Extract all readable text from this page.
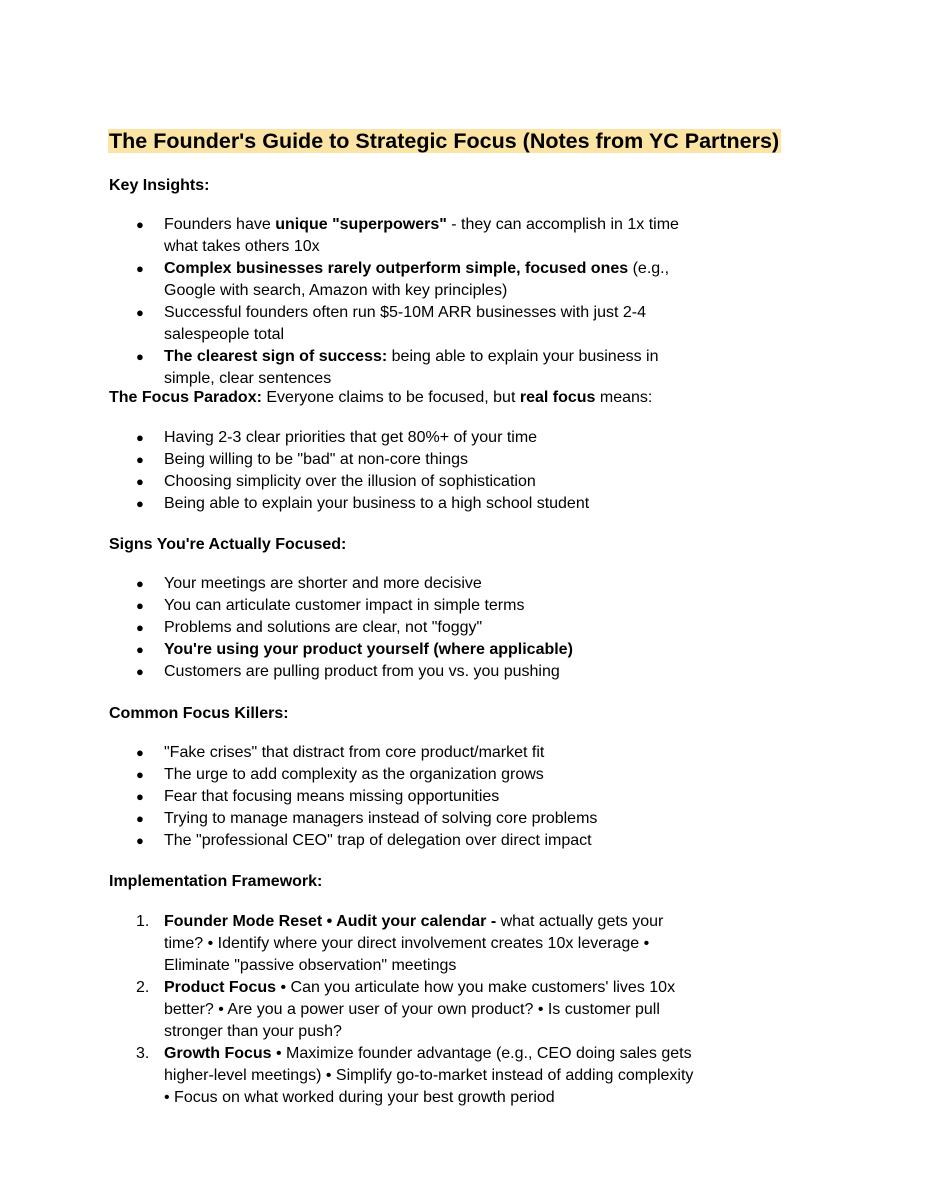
The Founder's Guide to Strategic Focus (Notes from YC Partners)

Key Insights:

● Founders have unique "superpowers" - they can accomplish in 1x time what takes others 10x
● Complex businesses rarely outperform simple, focused ones (e.g., Google with search, Amazon with key principles)
● Successful founders often run $5-10M ARR businesses with just 2-4 salespeople total
● The clearest sign of success: being able to explain your business in simple, clear sentences

The Focus Paradox: Everyone claims to be focused, but real focus means:

● Having 2-3 clear priorities that get 80%+ of your time
● Being willing to be "bad" at non-core things
● Choosing simplicity over the illusion of sophistication
● Being able to explain your business to a high school student

Signs You're Actually Focused:

● Your meetings are shorter and more decisive
● You can articulate customer impact in simple terms
● Problems and solutions are clear, not "foggy"
● You're using your product yourself (where applicable)
● Customers are pulling product from you vs. you pushing

Common Focus Killers:

● "Fake crises" that distract from core product/market fit
● The urge to add complexity as the organization grows
● Fear that focusing means missing opportunities
● Trying to manage managers instead of solving core problems
● The "professional CEO" trap of delegation over direct impact

Implementation Framework:

1. Founder Mode Reset • Audit your calendar - what actually gets your time? • Identify where your direct involvement creates 10x leverage • Eliminate "passive observation" meetings
2. Product Focus • Can you articulate how you make customers' lives 10x better? • Are you a power user of your own product? • Is customer pull stronger than your push?
3. Growth Focus • Maximize founder advantage (e.g., CEO doing sales gets higher-level meetings) • Simplify go-to-market instead of adding complexity • Focus on what worked during your best growth period
